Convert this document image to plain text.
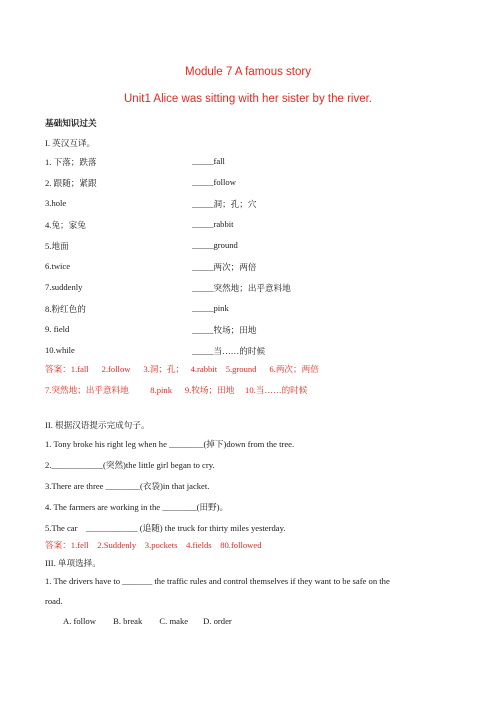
Module 7 A famous story
Unit1 Alice was sitting with her sister by the river.
基础知识过关
I. 英汉互译。
1. 下落；跌落	_____fall
2. 跟随；紧跟	_____follow
3.hole	_____洞；孔；穴
4.兔；家兔	_____rabbit
5.地面	_____ground
6.twice	_____两次；两倍
7.suddenly	_____突然地；出乎意料地
8.粉红色的	_____pink
9. field	_____牧场；田地
10.while	_____当……的时候
答案：1.fall      2.follow      3.洞；孔；   4.rabbit    5.ground      6.两次；两倍
7.突然地；出乎意料地          8.pink      9.牧场；田地     10.当……的时候
II. 根据汉语提示完成句子。
1. Tony broke his right leg when he ________(掉下)down from the tree.
2.____________(突然)the little girl began to cry.
3.There are three ________(衣袋)in that jacket.
4. The farmers are working in the ________(田野)。
5.The car    ____________ (追随) the truck for thirty miles yesterday.
答案：1.fell    2.Suddenly    3.pockets    4.fields    80.followed
III. 单项选择。
1. The drivers have to _______ the traffic rules and control themselves if they want to be safe on the
road.
A. follow        B. break        C. make       D. order
